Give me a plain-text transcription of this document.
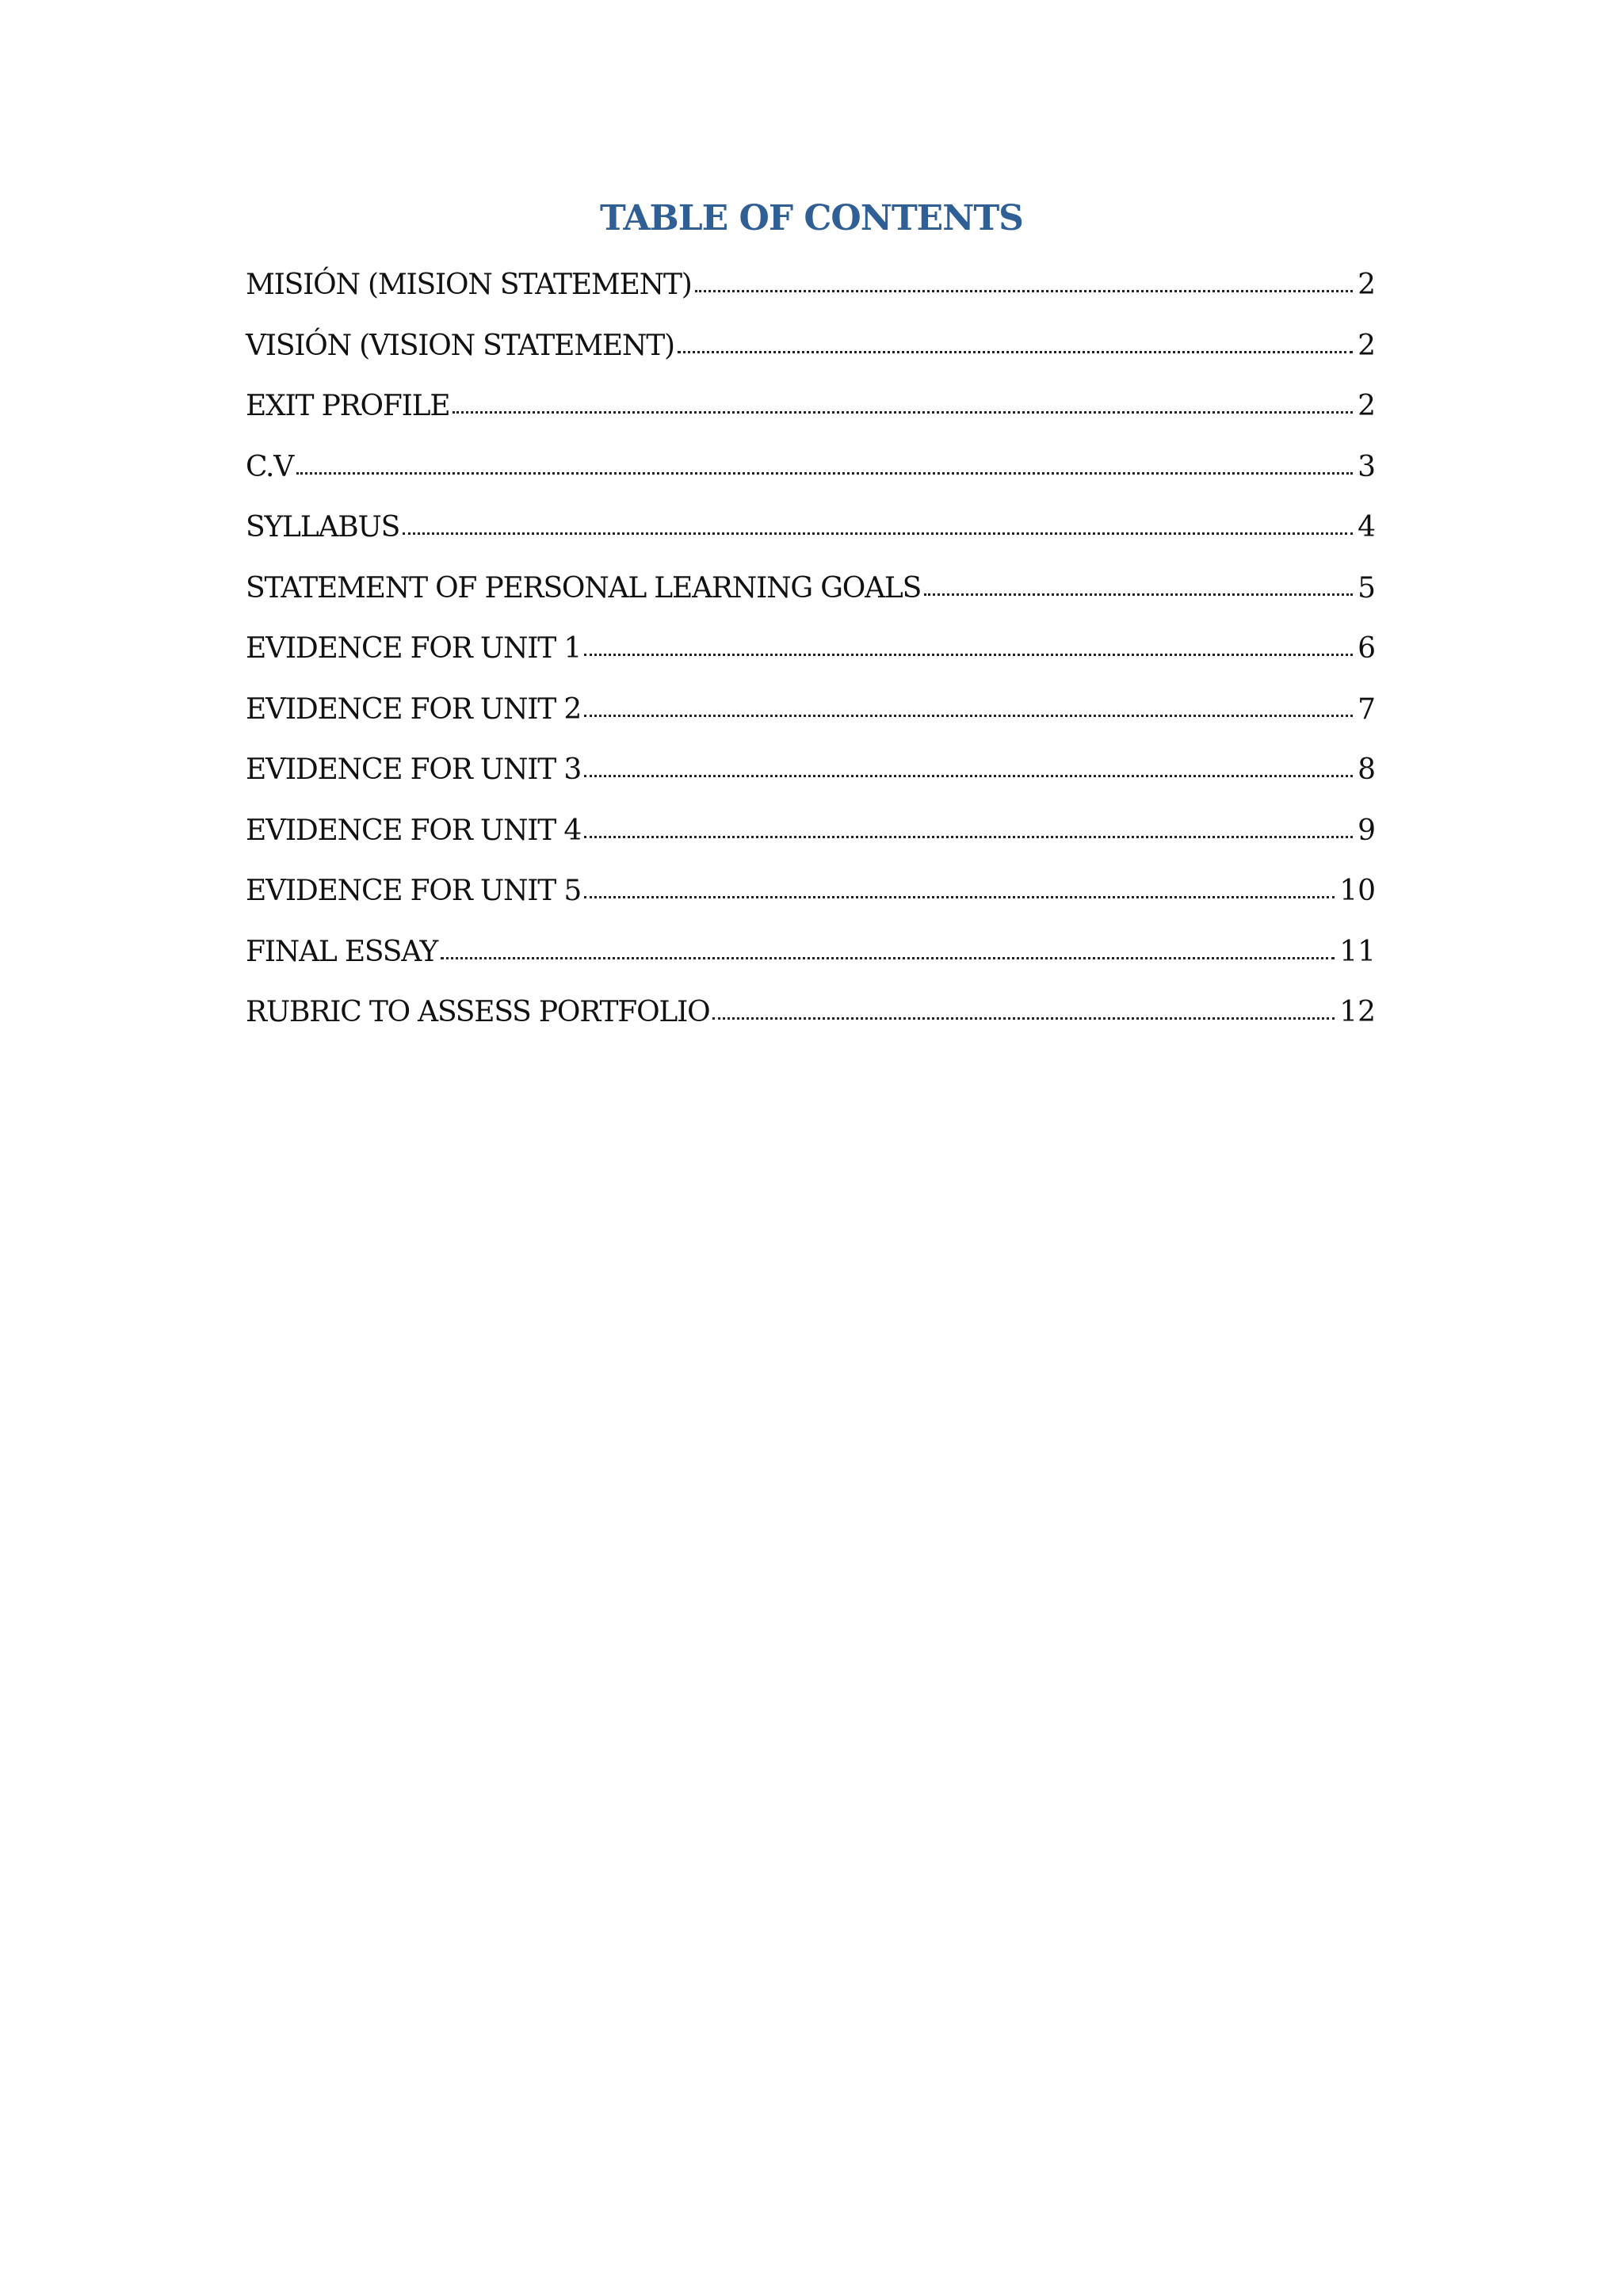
TABLE OF CONTENTS
MISIÓN (MISION STATEMENT)	2
VISIÓN (VISION STATEMENT)	2
EXIT PROFILE	2
C.V	3
SYLLABUS	4
STATEMENT OF PERSONAL LEARNING GOALS	5
EVIDENCE FOR UNIT 1	6
EVIDENCE FOR UNIT 2	7
EVIDENCE FOR UNIT 3	8
EVIDENCE FOR UNIT 4	9
EVIDENCE FOR UNIT 5	10
FINAL ESSAY	11
RUBRIC TO ASSESS PORTFOLIO	12
